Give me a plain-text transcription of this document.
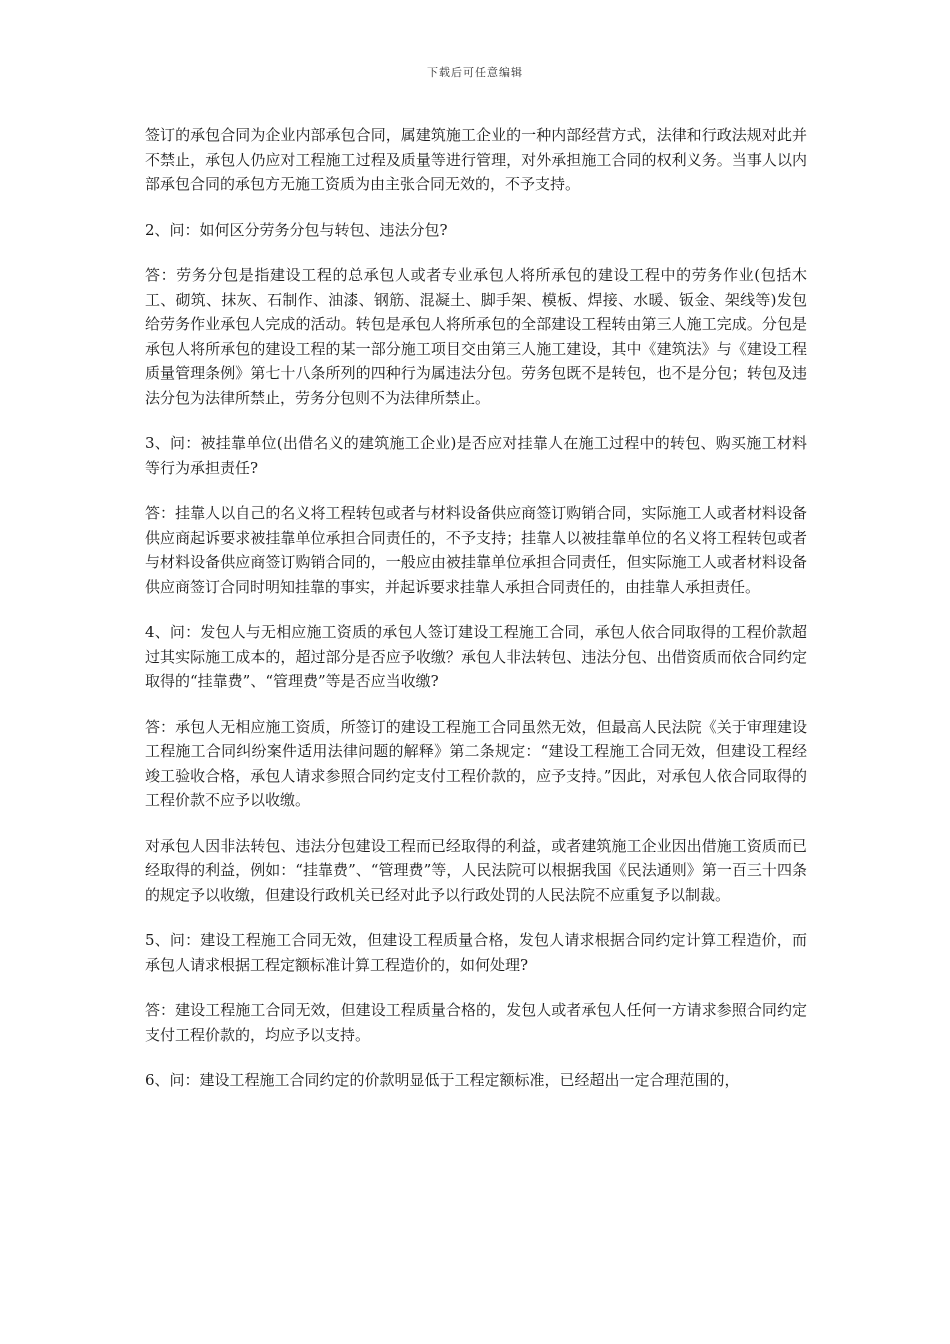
下载后可任意编辑

签订的承包合同为企业内部承包合同，属建筑施工企业的一种内部经营方式，法律和行政法规对此并不禁止，承包人仍应对工程施工过程及质量等进行管理，对外承担施工合同的权利义务。当事人以内部承包合同的承包方无施工资质为由主张合同无效的，不予支持。

2、问：如何区分劳务分包与转包、违法分包?

答：劳务分包是指建设工程的总承包人或者专业承包人将所承包的建设工程中的劳务作业(包括木工、砌筑、抹灰、石制作、油漆、钢筋、混凝土、脚手架、模板、焊接、水暖、钣金、架线等)发包给劳务作业承包人完成的活动。转包是承包人将所承包的全部建设工程转由第三人施工完成。分包是承包人将所承包的建设工程的某一部分施工项目交由第三人施工建设，其中《建筑法》与《建设工程质量管理条例》第七十八条所列的四种行为属违法分包。劳务包既不是转包，也不是分包；转包及违法分包为法律所禁止，劳务分包则不为法律所禁止。

3、问：被挂靠单位(出借名义的建筑施工企业)是否应对挂靠人在施工过程中的转包、购买施工材料等行为承担责任?

答：挂靠人以自己的名义将工程转包或者与材料设备供应商签订购销合同，实际施工人或者材料设备供应商起诉要求被挂靠单位承担合同责任的，不予支持；挂靠人以被挂靠单位的名义将工程转包或者与材料设备供应商签订购销合同的，一般应由被挂靠单位承担合同责任，但实际施工人或者材料设备供应商签订合同时明知挂靠的事实，并起诉要求挂靠人承担合同责任的，由挂靠人承担责任。

4、问：发包人与无相应施工资质的承包人签订建设工程施工合同，承包人依合同取得的工程价款超过其实际施工成本的，超过部分是否应予收缴？承包人非法转包、违法分包、出借资质而依合同约定取得的“挂靠费”、“管理费”等是否应当收缴?

答：承包人无相应施工资质，所签订的建设工程施工合同虽然无效，但最高人民法院《关于审理建设工程施工合同纠纷案件适用法律问题的解释》第二条规定：“建设工程施工合同无效，但建设工程经竣工验收合格，承包人请求参照合同约定支付工程价款的，应予支持。”因此，对承包人依合同取得的工程价款不应予以收缴。

对承包人因非法转包、违法分包建设工程而已经取得的利益，或者建筑施工企业因出借施工资质而已经取得的利益，例如：“挂靠费”、“管理费”等，人民法院可以根据我国《民法通则》第一百三十四条的规定予以收缴，但建设行政机关已经对此予以行政处罚的人民法院不应重复予以制裁。

5、问：建设工程施工合同无效，但建设工程质量合格，发包人请求根据合同约定计算工程造价，而承包人请求根据工程定额标准计算工程造价的，如何处理?

答：建设工程施工合同无效，但建设工程质量合格的，发包人或者承包人任何一方请求参照合同约定支付工程价款的，均应予以支持。

6、问：建设工程施工合同约定的价款明显低于工程定额标准，已经超出一定合理范围的，
